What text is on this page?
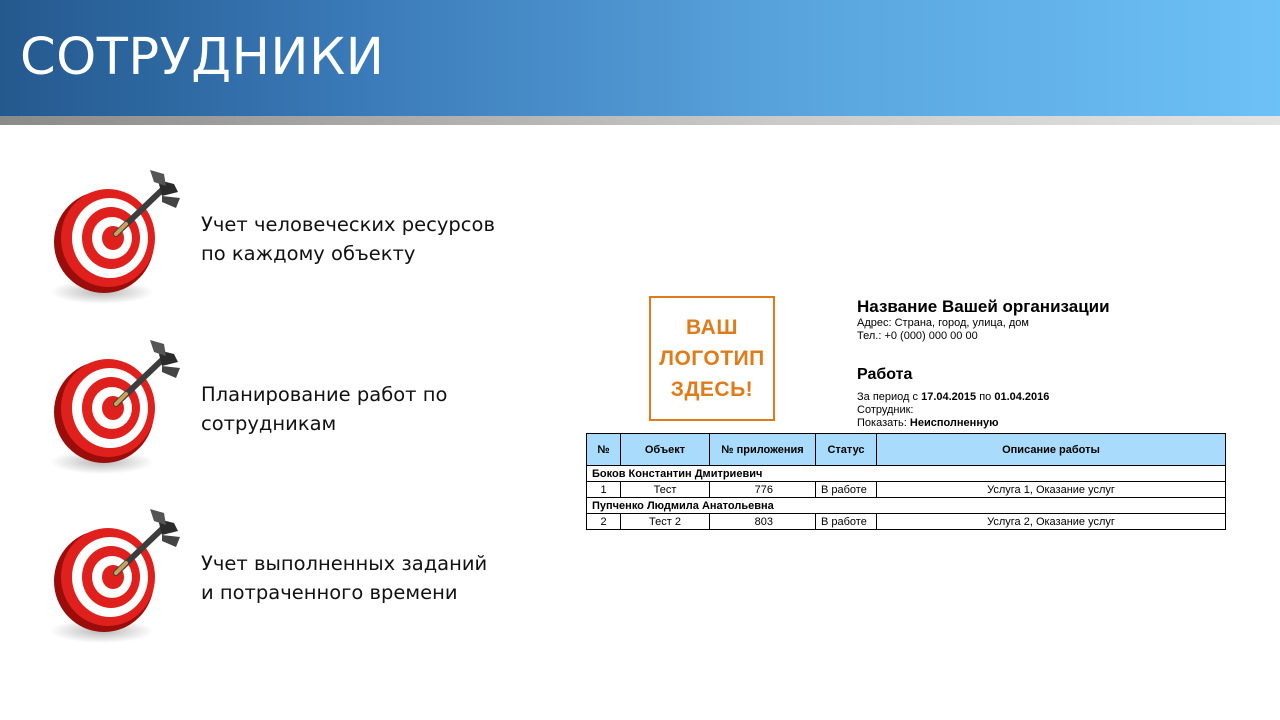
СОТРУДНИКИ
Учет человеческих ресурсов
по каждому объекту
Планирование работ по
сотрудникам
Учет выполненных заданий
и потраченного времени
ВАШ
ЛОГОТИП
ЗДЕСЬ!
Название Вашей организации
Адрес: Страна, город, улица, дом
Тел.: +0 (000) 000 00 00
Работа
За период с 17.04.2015 по 01.04.2016
Сотрудник:
Показать: Неисполненную
№	Объект	№ приложения	Статус	Описание работы
Боков Константин Дмитриевич				
1	Тест	776	В работе	Услуга 1, Оказание услуг
Пупченко Людмила Анатольевна				
2	Тест 2	803	В работе	Услуга 2, Оказание услуг
